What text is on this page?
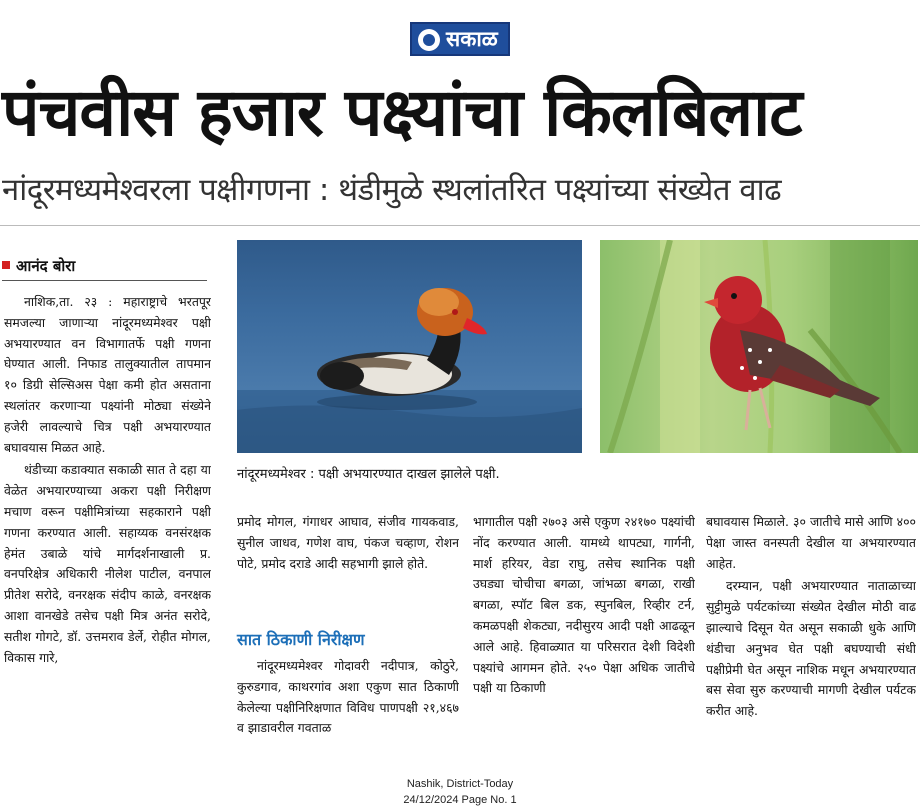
सकाळ
पंचवीस हजार पक्ष्यांचा किलबिलाट
नांदूरमध्यमेश्वरला पक्षीगणना : थंडीमुळे स्थलांतरित पक्ष्यांच्या संख्येत वाढ
आनंद बोरा

नाशिक,ता. २३ : महाराष्ट्राचे भरतपूर समजल्या जाणाऱ्या नांदूरमध्यमेश्वर पक्षी अभयारण्यात वन विभागातर्फे पक्षी गणना घेण्यात आली. निफाड तालुक्यातील तापमान १० डिग्री सेल्सिअस पेक्षा कमी होत असताना स्थलांतर करणाऱ्या पक्ष्यांनी मोठ्या संख्येने हजेरी लावल्याचे चित्र पक्षी अभयारण्यात बघावयास मिळत आहे.

थंडीच्या कडाक्यात सकाळी सात ते दहा या वेळेत अभयारण्याच्या अकरा पक्षी निरीक्षण मचाण वरून पक्षीमित्रांच्या सहकाराने पक्षी गणना करण्यात आली. सहाय्यक वनसंरक्षक हेमंत उबाळे यांचे मार्गदर्शनाखाली प्र. वनपरिक्षेत्र अधिकारी नीलेश पाटील, वनपाल प्रीतेश सरोदे, वनरक्षक संदीप काळे, वनरक्षक आशा वानखेडे तसेच पक्षी मित्र अनंत सरोदे, सतीश गोगटे, डॉ. उत्तमराव डेर्ले, रोहीत मोगल, विकास गारे,

नांदूरमध्यमेश्वर : पक्षी अभयारण्यात दाखल झालेले पक्षी.

प्रमोद मोगल, गंगाधर आघाव, संजीव गायकवाड, सुनील जाधव, गणेश वाघ, पंकज चव्हाण, रोशन पोटे, प्रमोद दराडे आदी सहभागी झाले होते.

सात ठिकाणी निरीक्षण

नांदूरमध्यमेश्वर गोदावरी नदीपात्र, कोठुरे, कुरुडगाव, काथरगांव अशा एकुण सात ठिकाणी केलेल्या पक्षीनिरिक्षणात विविध पाणपक्षी २१,४६७ व झाडावरील गवताळ

भागातील पक्षी २७०३ असे एकुण २४१७० पक्ष्यांची नोंद करण्यात आली. यामध्ये थापट्या, गार्गनी, मार्श हरियर, वेडा राघु, तसेच स्थानिक पक्षी उघड्या चोचीचा बगळा, जांभळा बगळा, राखी बगळा, स्पॉट बिल डक, स्पुनबिल, रिव्हीर टर्न, कमळपक्षी शेकट्या, नदीसुरय आदी पक्षी आढळून आले आहे. हिवाळ्यात या परिसरात देशी विदेशी पक्ष्यांचे आगमन होते. २५० पेक्षा अधिक जातीचे पक्षी या ठिकाणी

बघावयास मिळाले. ३० जातीचे मासे आणि ४०० पेक्षा जास्त वनस्पती देखील या अभयारण्यात आहेत.

दरम्यान, पक्षी अभयारण्यात नाताळाच्या सुट्टीमुळे पर्यटकांच्या संख्येत देखील मोठी वाढ झाल्याचे दिसून येत असून सकाळी धुके आणि थंडीचा अनुभव घेत पक्षी बघण्याची संधी पक्षीप्रेमी घेत असून नाशिक मधून अभयारण्यात बस सेवा सुरु करण्याची मागणी देखील पर्यटक करीत आहे.

Nashik, District-Today
24/12/2024 Page No. 1
